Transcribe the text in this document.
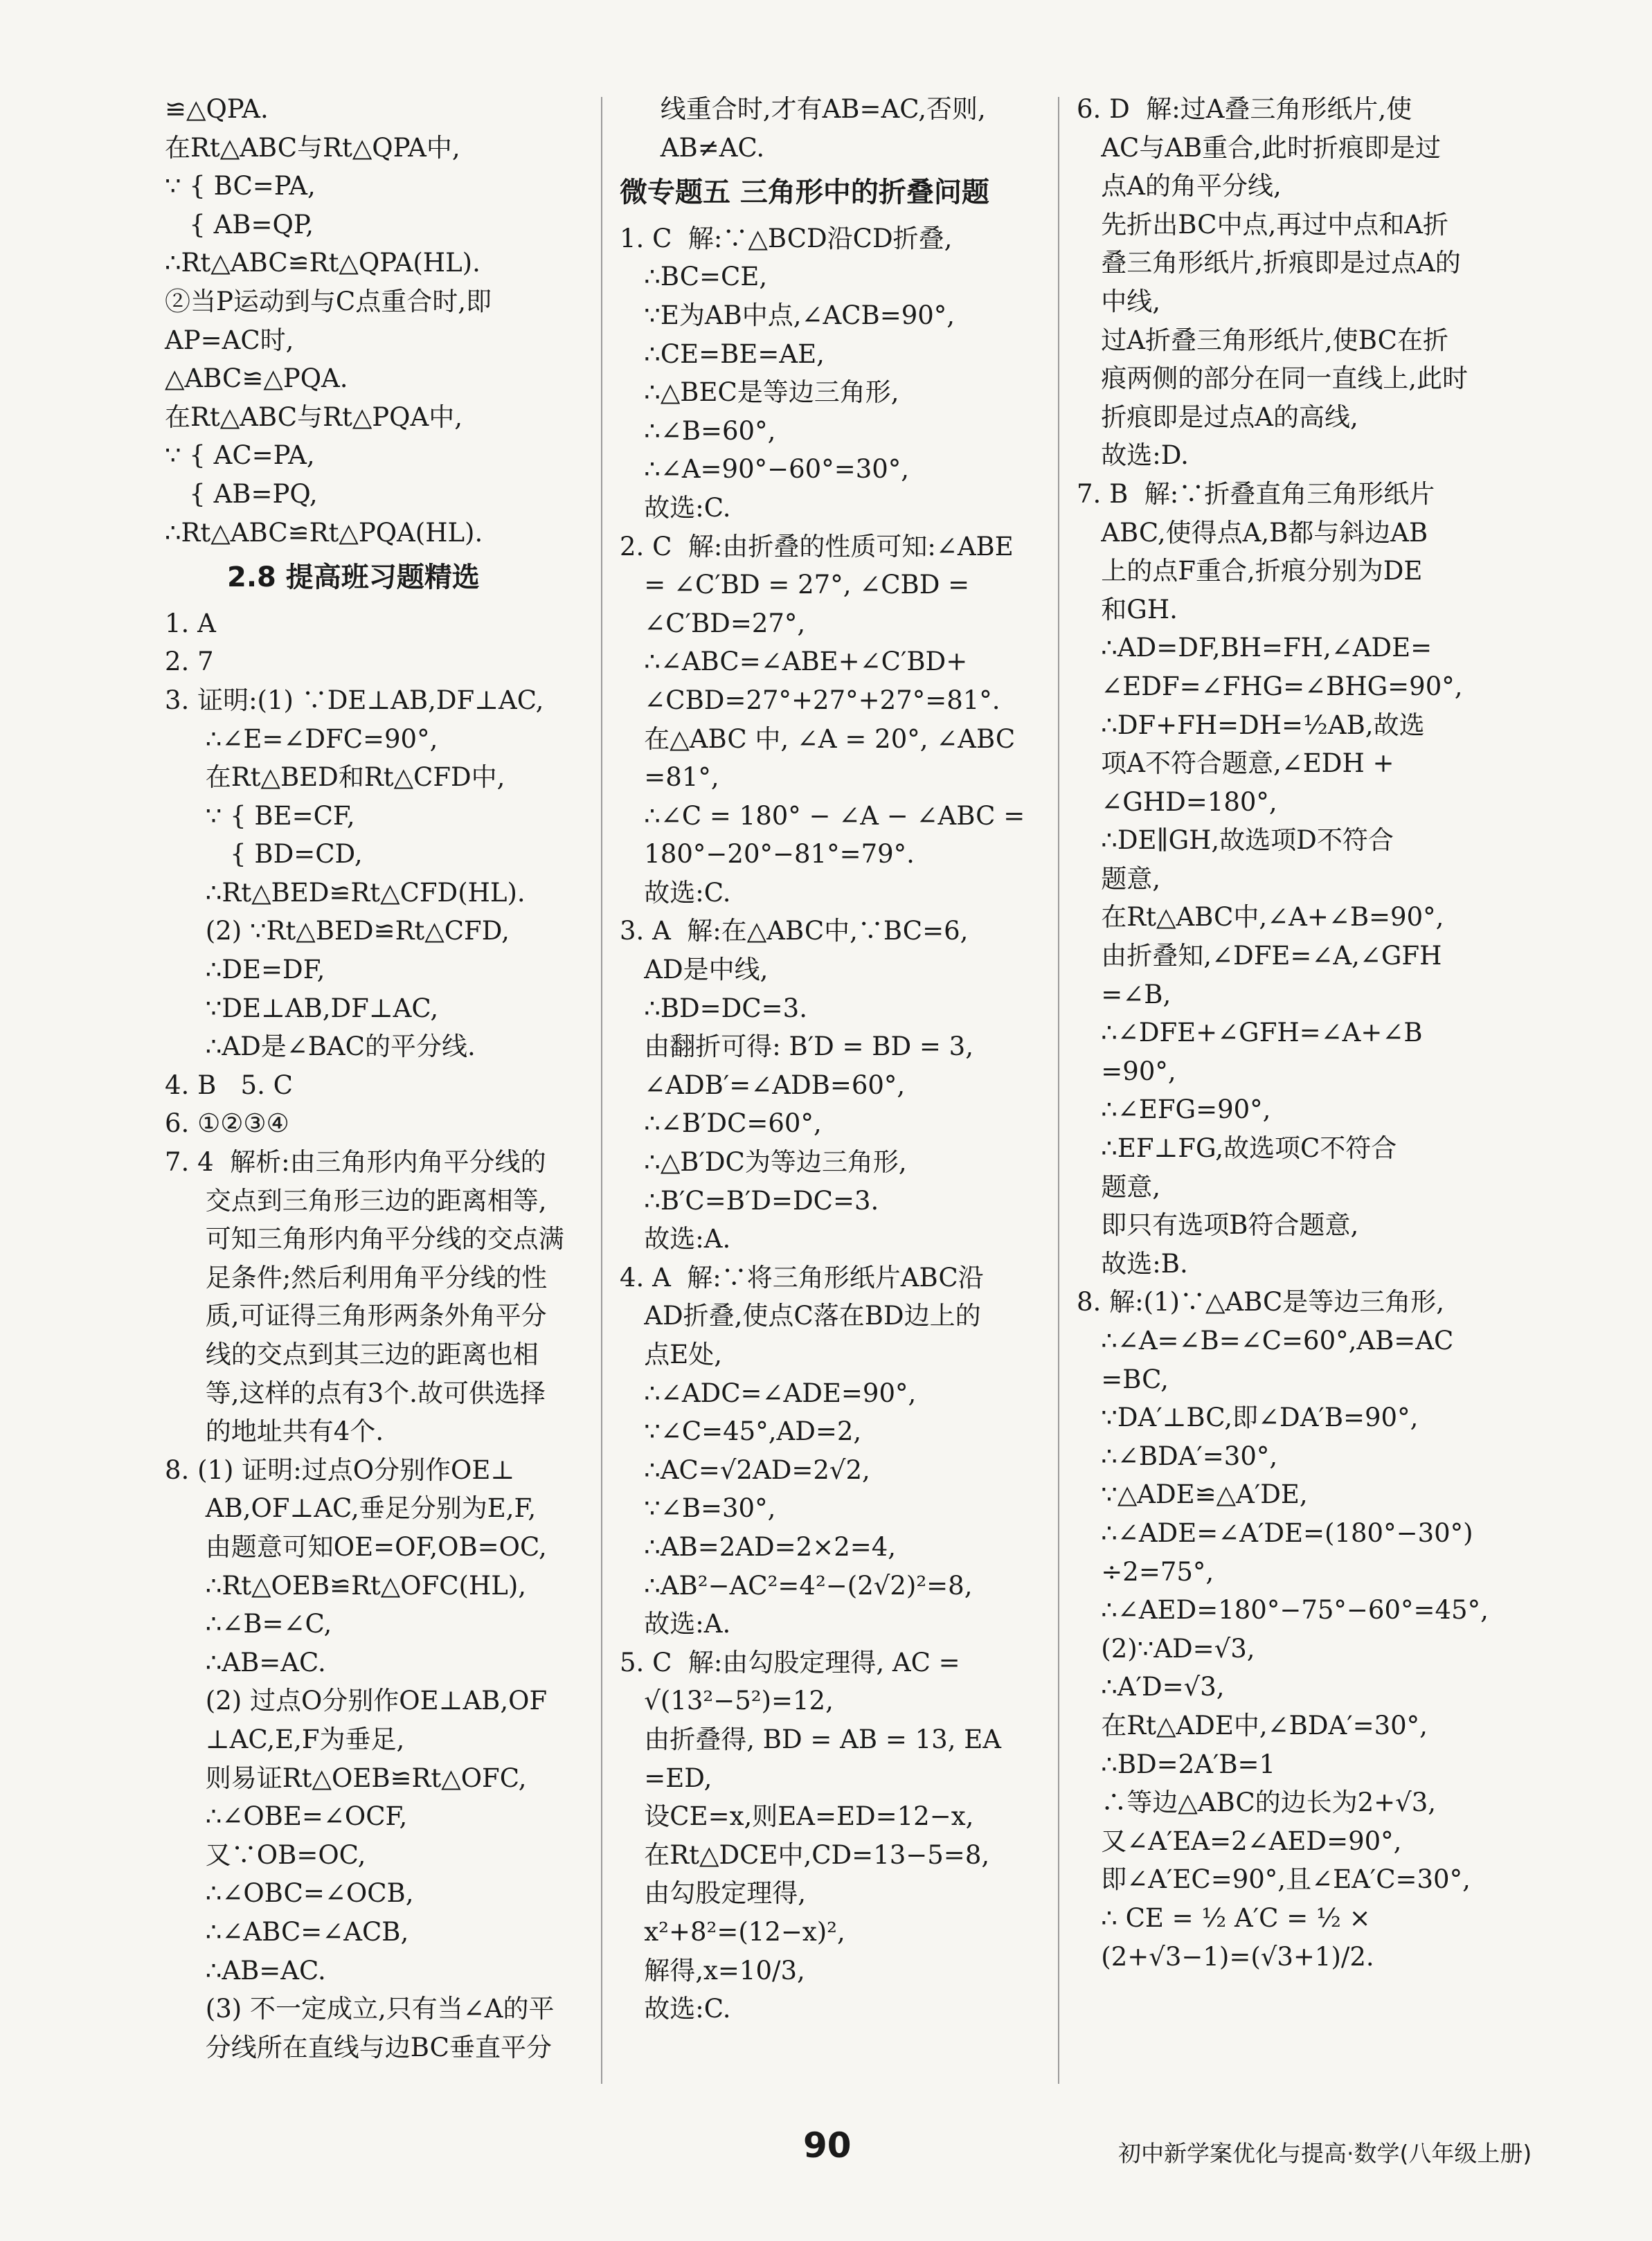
≌△QPA.
在Rt△ABC与Rt△QPA中,
∵ { BC=PA,
{ AB=QP,
∴Rt△ABC≌Rt△QPA(HL).
②当P运动到与C点重合时,即
AP=AC时,
△ABC≌△PQA.
在Rt△ABC与Rt△PQA中,
∵ { AC=PA,
{ AB=PQ,
∴Rt△ABC≌Rt△PQA(HL).
2.8 提高班习题精选
1. A
2. 7
3. 证明:(1) ∵DE⊥AB,DF⊥AC,
∴∠E=∠DFC=90°,
在Rt△BED和Rt△CFD中,
∵ { BE=CF,
{ BD=CD,
∴Rt△BED≌Rt△CFD(HL).
(2) ∵Rt△BED≌Rt△CFD,
∴DE=DF,
∵DE⊥AB,DF⊥AC,
∴AD是∠BAC的平分线.
4. B   5. C
6. ①②③④
7. 4  解析:由三角形内角平分线的
交点到三角形三边的距离相等,
可知三角形内角平分线的交点满
足条件;然后利用角平分线的性
质,可证得三角形两条外角平分
线的交点到其三边的距离也相
等,这样的点有3个.故可供选择
的地址共有4个.
8. (1) 证明:过点O分别作OE⊥
AB,OF⊥AC,垂足分别为E,F,
由题意可知OE=OF,OB=OC,
∴Rt△OEB≌Rt△OFC(HL),
∴∠B=∠C,
∴AB=AC.
(2) 过点O分别作OE⊥AB,OF
⊥AC,E,F为垂足,
则易证Rt△OEB≌Rt△OFC,
∴∠OBE=∠OCF,
又∵OB=OC,
∴∠OBC=∠OCB,
∴∠ABC=∠ACB,
∴AB=AC.
(3) 不一定成立,只有当∠A的平
分线所在直线与边BC垂直平分
线重合时,才有AB=AC,否则,
AB≠AC.
微专题五 三角形中的折叠问题
1. C  解:∵△BCD沿CD折叠,
∴BC=CE,
∵E为AB中点,∠ACB=90°,
∴CE=BE=AE,
∴△BEC是等边三角形,
∴∠B=60°,
∴∠A=90°−60°=30°,
故选:C.
2. C  解:由折叠的性质可知:∠ABE
= ∠C′BD = 27°, ∠CBD =
∠C′BD=27°,
∴∠ABC=∠ABE+∠C′BD+
∠CBD=27°+27°+27°=81°.
在△ABC 中, ∠A = 20°, ∠ABC
=81°,
∴∠C = 180° − ∠A − ∠ABC =
180°−20°−81°=79°.
故选:C.
3. A  解:在△ABC中,∵BC=6,
AD是中线,
∴BD=DC=3.
由翻折可得: B′D = BD = 3,
∠ADB′=∠ADB=60°,
∴∠B′DC=60°,
∴△B′DC为等边三角形,
∴B′C=B′D=DC=3.
故选:A.
4. A  解:∵将三角形纸片ABC沿
AD折叠,使点C落在BD边上的
点E处,
∴∠ADC=∠ADE=90°,
∵∠C=45°,AD=2,
∴AC=√2AD=2√2,
∵∠B=30°,
∴AB=2AD=2×2=4,
∴AB²−AC²=4²−(2√2)²=8,
故选:A.
5. C  解:由勾股定理得, AC =
√(13²−5²)=12,
由折叠得, BD = AB = 13, EA
=ED,
设CE=x,则EA=ED=12−x,
在Rt△DCE中,CD=13−5=8,
由勾股定理得,
x²+8²=(12−x)²,
解得,x=10/3,
故选:C.
6. D  解:过A叠三角形纸片,使
AC与AB重合,此时折痕即是过
点A的角平分线,
先折出BC中点,再过中点和A折
叠三角形纸片,折痕即是过点A的
中线,
过A折叠三角形纸片,使BC在折
痕两侧的部分在同一直线上,此时
折痕即是过点A的高线,
故选:D.
7. B  解:∵折叠直角三角形纸片
ABC,使得点A,B都与斜边AB
上的点F重合,折痕分别为DE
和GH.
∴AD=DF,BH=FH,∠ADE=
∠EDF=∠FHG=∠BHG=90°,
∴DF+FH=DH=½AB,故选
项A不符合题意,∠EDH +
∠GHD=180°,
∴DE∥GH,故选项D不符合
题意,
在Rt△ABC中,∠A+∠B=90°,
由折叠知,∠DFE=∠A,∠GFH
=∠B,
∴∠DFE+∠GFH=∠A+∠B
=90°,
∴∠EFG=90°,
∴EF⊥FG,故选项C不符合
题意,
即只有选项B符合题意,
故选:B.
8. 解:(1)∵△ABC是等边三角形,
∴∠A=∠B=∠C=60°,AB=AC
=BC,
∵DA′⊥BC,即∠DA′B=90°,
∴∠BDA′=30°,
∵△ADE≌△A′DE,
∴∠ADE=∠A′DE=(180°−30°)
÷2=75°,
∴∠AED=180°−75°−60°=45°,
(2)∵AD=√3,
∴A′D=√3,
在Rt△ADE中,∠BDA′=30°,
∴BD=2A′B=1
∴等边△ABC的边长为2+√3,
又∠A′EA=2∠AED=90°,
即∠A′EC=90°,且∠EA′C=30°,
∴ CE = ½ A′C = ½ ×
(2+√3−1)=(√3+1)/2.
90	初中新学案优化与提高·数学(八年级上册)
